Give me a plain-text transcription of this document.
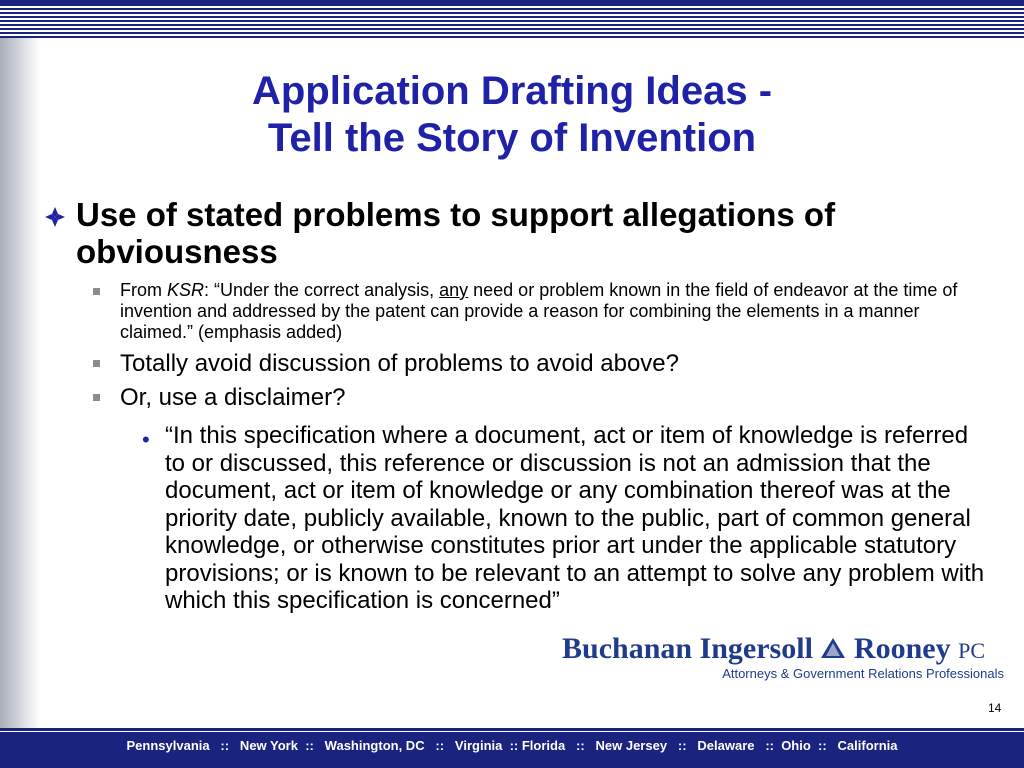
Application Drafting Ideas -
Tell the Story of Invention
Use of stated problems to support allegations of obviousness
From KSR: “Under the correct analysis, any need or problem known in the field of endeavor at the time of invention and addressed by the patent can provide a reason for combining the elements in a manner claimed.” (emphasis added)
Totally avoid discussion of problems to avoid above?
Or, use a disclaimer?
• “In this specification where a document, act or item of knowledge is referred to or discussed, this reference or discussion is not an admission that the document, act or item of knowledge or any combination thereof was at the priority date, publicly available, known to the public, part of common general knowledge, or otherwise constitutes prior art under the applicable statutory provisions; or is known to be relevant to an attempt to solve any problem with which this specification is concerned”
Buchanan Ingersoll  Rooney PC
Attorneys & Government Relations Professionals
14
Pennsylvania   ::   New York  ::   Washington, DC   ::   Virginia  :: Florida   ::   New Jersey   ::   Delaware   ::  Ohio  ::   California
